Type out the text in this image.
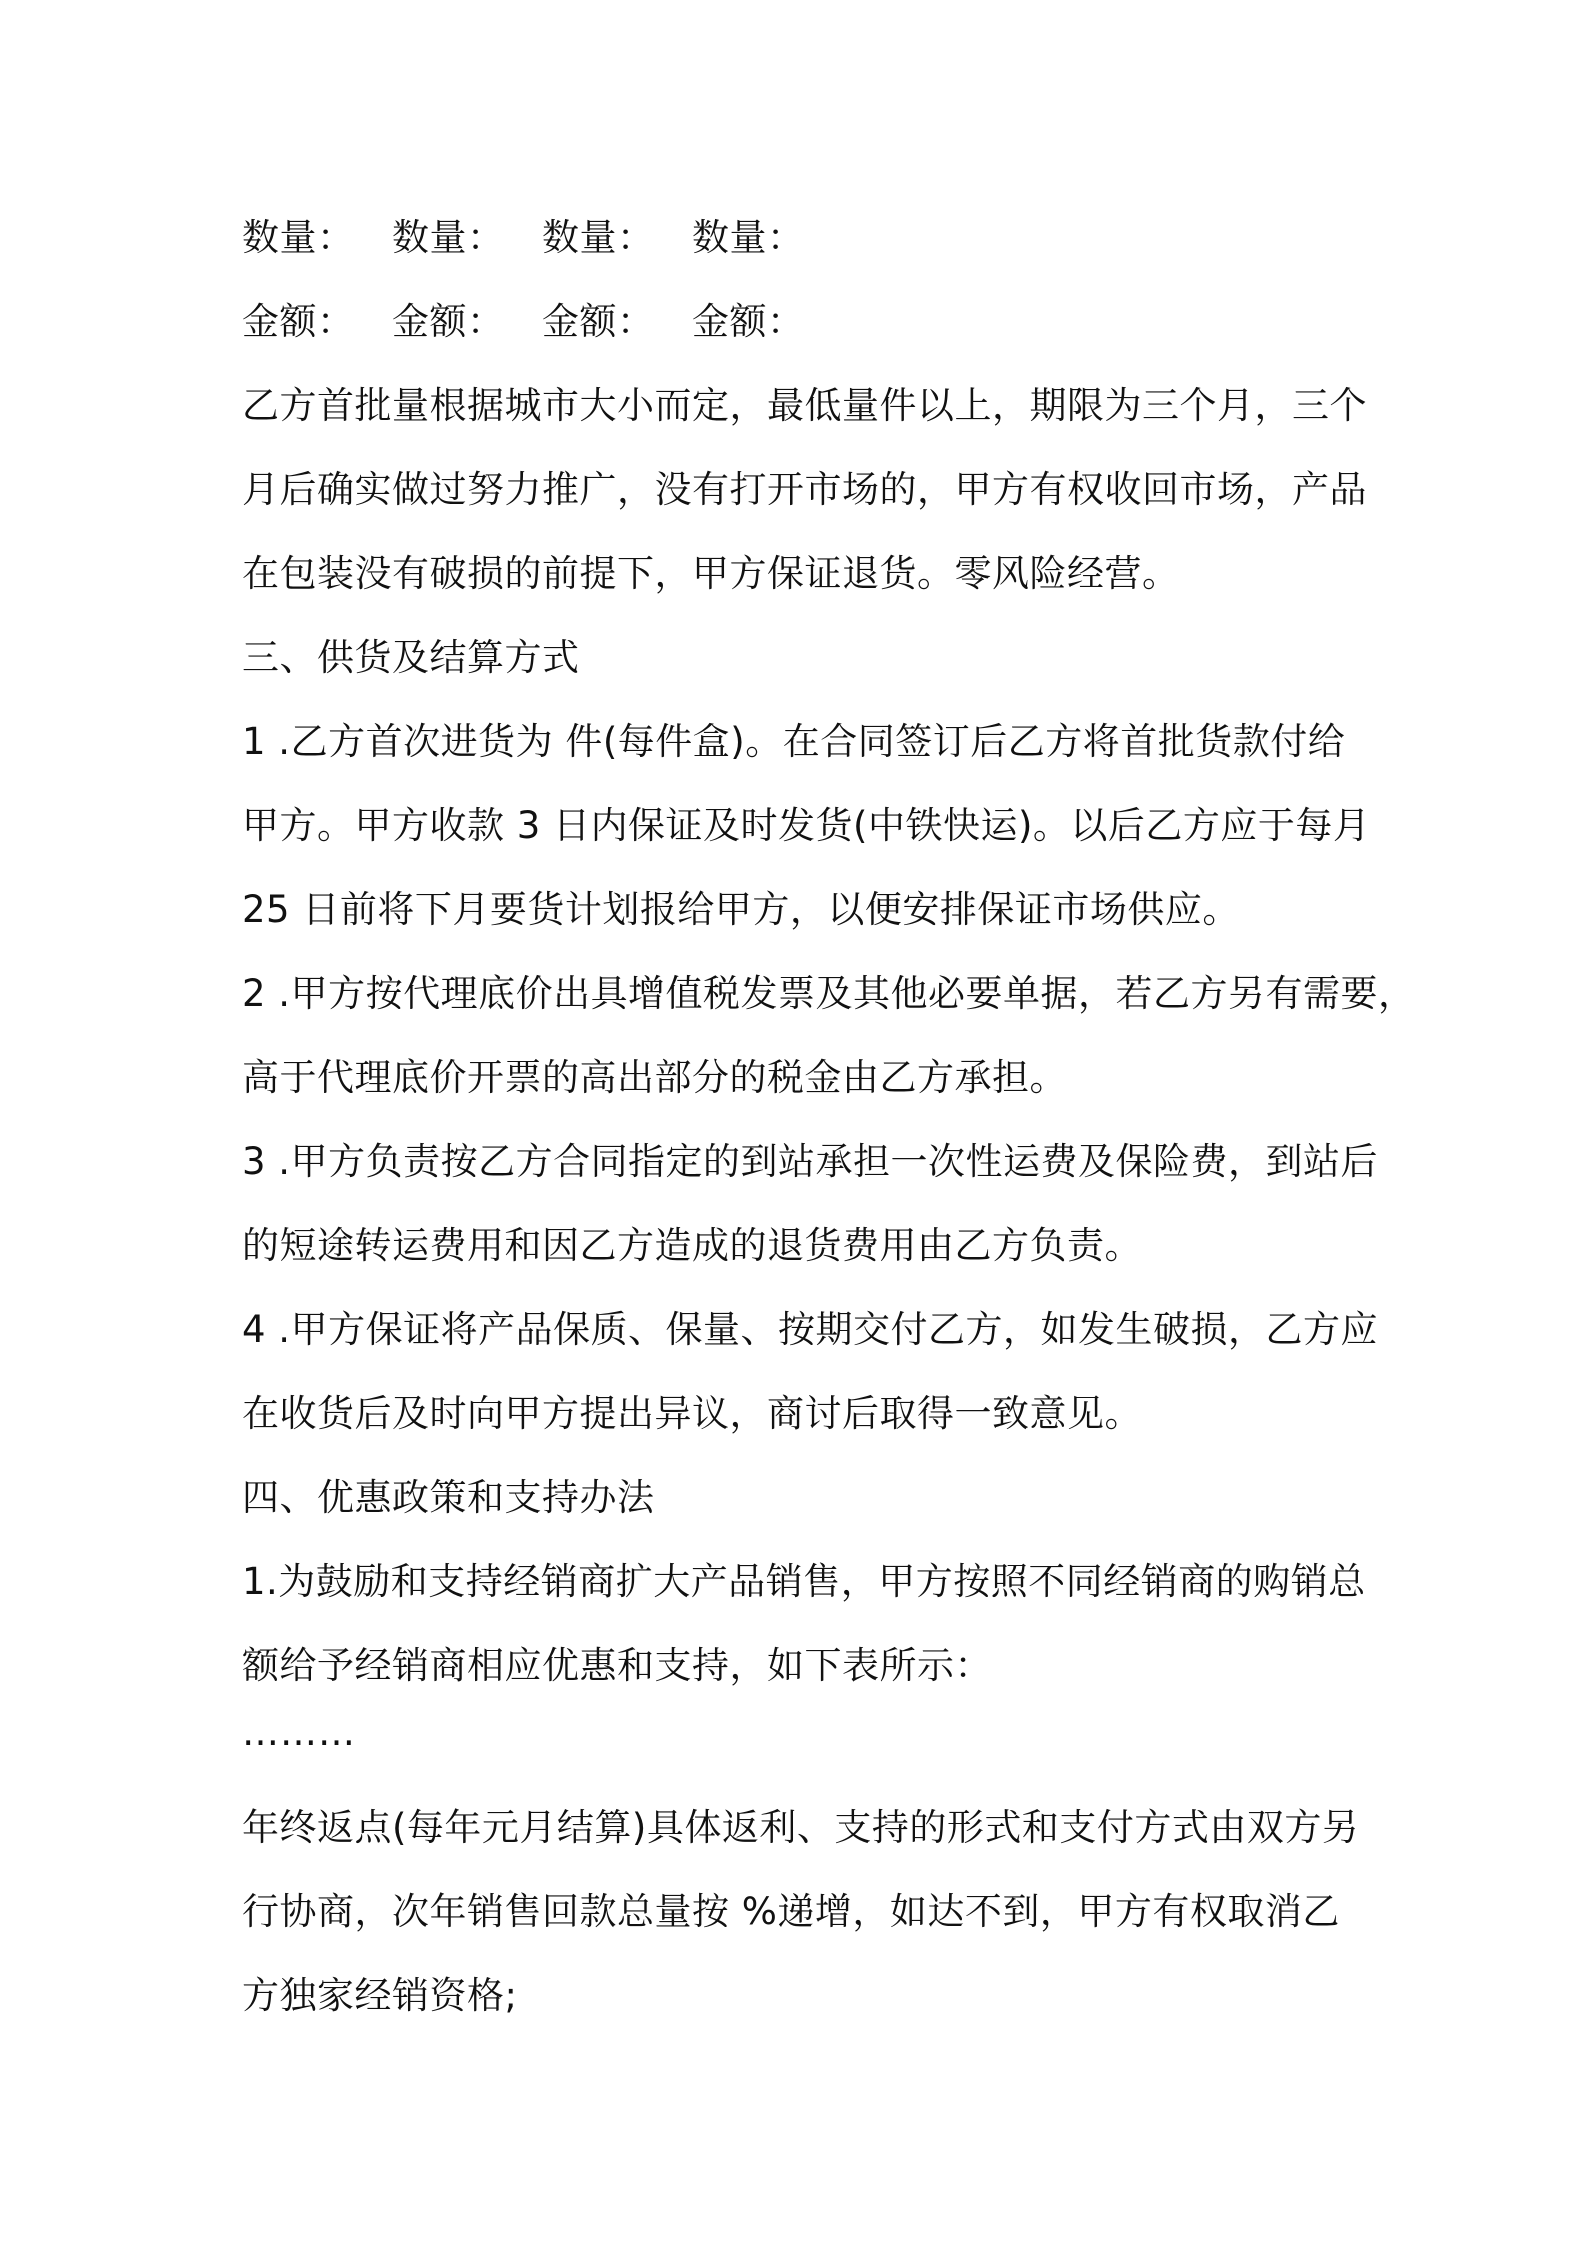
数量：	数量：	数量：	数量：
金额：	金额：	金额：	金额：
乙方首批量根据城市大小而定，最低量件以上，期限为三个月，三个
月后确实做过努力推广，没有打开市场的，甲方有权收回市场，产品
在包装没有破损的前提下，甲方保证退货。零风险经营。
三、供货及结算方式
1 .乙方首次进货为 件(每件盒)。在合同签订后乙方将首批货款付给
甲方。甲方收款 3 日内保证及时发货(中铁快运)。以后乙方应于每月
25 日前将下月要货计划报给甲方，以便安排保证市场供应。
2 .甲方按代理底价出具增值税发票及其他必要单据，若乙方另有需要，
高于代理底价开票的高出部分的税金由乙方承担。
3 .甲方负责按乙方合同指定的到站承担一次性运费及保险费，到站后
的短途转运费用和因乙方造成的退货费用由乙方负责。
4 .甲方保证将产品保质、保量、按期交付乙方，如发生破损，乙方应
在收货后及时向甲方提出异议，商讨后取得一致意见。
四、优惠政策和支持办法
1.为鼓励和支持经销商扩大产品销售，甲方按照不同经销商的购销总
额给予经销商相应优惠和支持，如下表所示：
………
年终返点(每年元月结算)具体返利、支持的形式和支付方式由双方另
行协商，次年销售回款总量按 %递增，如达不到，甲方有权取消乙
方独家经销资格;
